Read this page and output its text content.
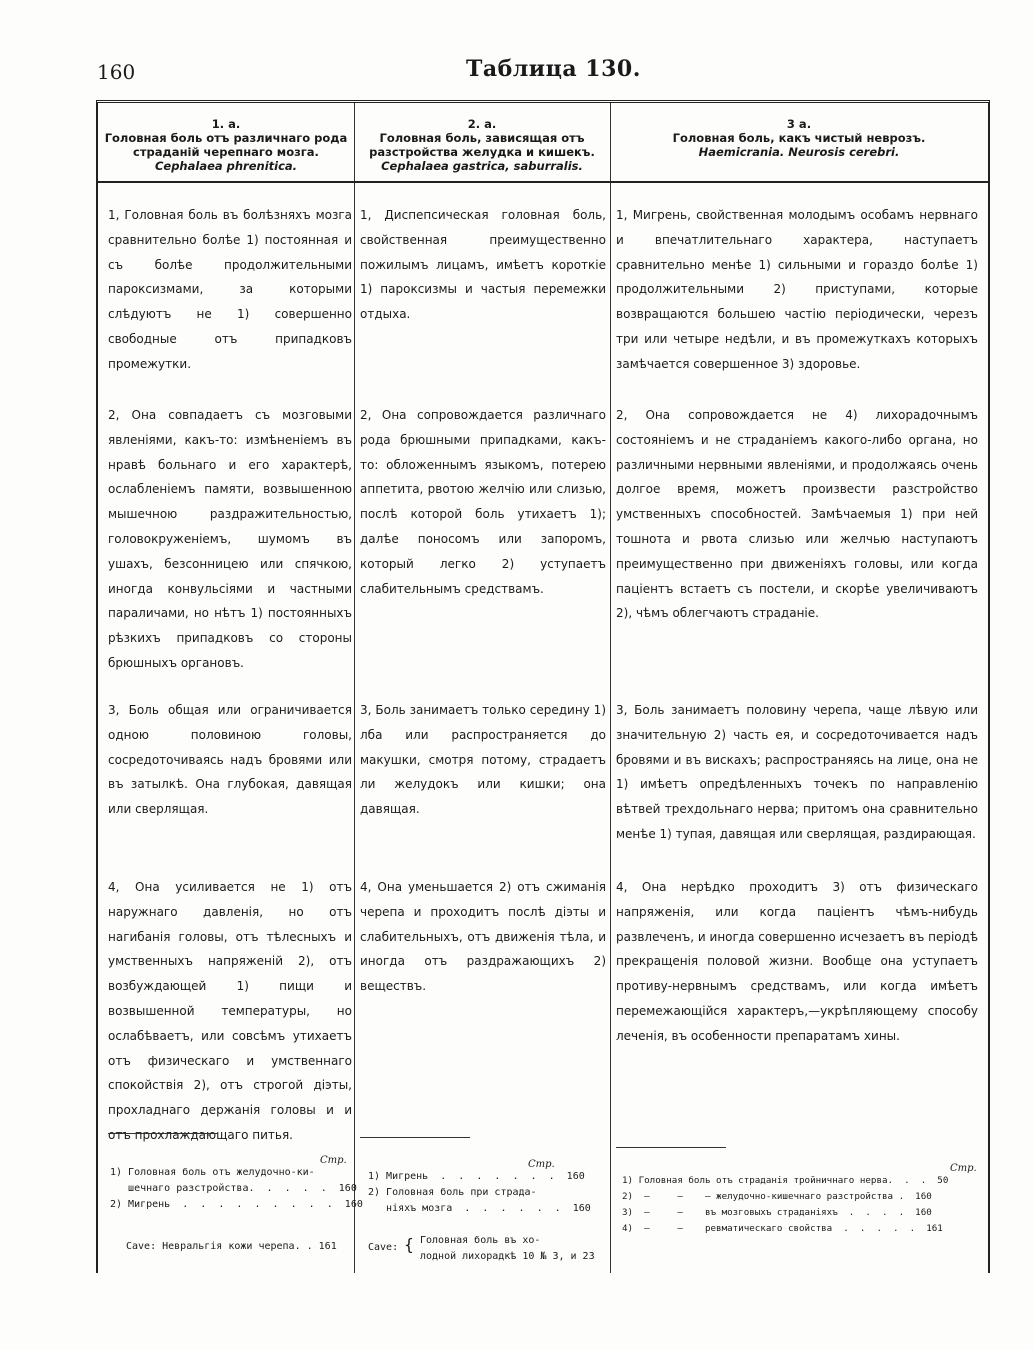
160	Таблица 130.
1. а.
Головная боль отъ различнаго рода страданій черепнаго мозга.
Cephalaea phrenitica.
1, Головная боль въ болѣзняхъ мозга сравнительно болѣе 1) постоянная и съ болѣе продолжительными пароксизмами, за которыми слѣдуютъ не 1) совершенно свободные отъ припадковъ промежутки.
2, Она совпадаетъ съ мозговыми явленіями, какъ-то: измѣненіемъ въ нравѣ больнаго и его характерѣ, ослабленіемъ памяти, возвышенною мышечною раздражительностью, головокруженіемъ, шумомъ въ ушахъ, безсонницею или спячкою, иногда конвульсіями и частными параличами, но нѣтъ 1) постоянныхъ рѣзкихъ припадковъ со стороны брюшныхъ органовъ.
3, Боль общая или ограничивается одною половиною головы, сосредоточиваясь надъ бровями или въ затылкѣ. Она глубокая, давящая или сверлящая.
4, Она усиливается не 1) отъ наружнаго давленія, но отъ нагибанія головы, отъ тѣлесныхъ и умственныхъ напряженій 2), отъ возбуждающей 1) пищи и возвышенной температуры, но ослабѣваетъ, или совсѣмъ утихаетъ отъ физическаго и умственнаго спокойствія 2), отъ строгой діэты, прохладнаго держанія головы и и отъ прохлаждающаго питья.
Стр.
1) Головная боль отъ желудочно-ки-
шечнаго разстройства.  .  .  .  .  160
2) Мигрень  .  .  .  .  .  .  .  .  .  160
Cave: Невральгія кожи черепа. . 161
2. а.
Головная боль, зависящая отъ разстройства желудка и кишекъ.
Cephalaea gastrica, saburralis.
1, Диспепсическая головная боль, свойственная преимущественно пожилымъ лицамъ, имѣетъ короткіе 1) пароксизмы и частыя перемежки отдыха.
2, Она сопровождается различнаго рода брюшными припадками, какъ-то: обложеннымъ языкомъ, потерею аппетита, рвотою желчію или слизью, послѣ которой боль утихаетъ 1); далѣе поносомъ или запоромъ, который легко 2) уступаетъ слабительнымъ средствамъ.
3, Боль занимаетъ только середину 1) лба или распространяется до макушки, смотря потому, страдаетъ ли желудокъ или кишки; она давящая.
4, Она уменьшается 2) отъ сжиманія черепа и проходитъ послѣ діэты и слабительныхъ, отъ движенія тѣла, и иногда отъ раздражающихъ 2) веществъ.
Стр.
1) Мигрень  .  .  .  .  .  .  .  160
2) Головная боль при страда-
ніяхъ мозга  .  .  .  .  .  .  160
Cave: { Головная боль въ хо-
лодной лихорадкѣ 10 № 3, и 23
3 а.
Головная боль, какъ чистый неврозъ.
Haemicrania. Neurosis cerebri.
1, Мигрень, свойственная молодымъ особамъ нервнаго и впечатлительнаго характера, наступаетъ сравнительно менѣе 1) сильными и гораздо болѣе 1) продолжительными 2) приступами, которые возвращаются большею частію періодически, черезъ три или четыре недѣли, и въ промежуткахъ которыхъ замѣчается совершенное 3) здоровье.
2, Она сопровождается не 4) лихорадочнымъ состояніемъ и не страданіемъ какого-либо органа, но различными нервными явленіями, и продолжаясь очень долгое время, можетъ произвести разстройство умственныхъ способностей. Замѣчаемыя 1) при ней тошнота и рвота слизью или желчью наступаютъ преимущественно при движеніяхъ головы, или когда паціентъ встаетъ съ постели, и скорѣе увеличиваютъ 2), чѣмъ облегчаютъ страданіе.
3, Боль занимаетъ половину черепа, чаще лѣвую или значительную 2) часть ея, и сосредоточивается надъ бровями и въ вискахъ; распространяясь на лице, она не 1) имѣетъ опредѣленныхъ точекъ по направленію вѣтвей трехдольнаго нерва; притомъ она сравнительно менѣе 1) тупая, давящая или сверлящая, раздирающая.
4, Она нерѣдко проходитъ 3) отъ физическаго напряженія, или когда паціентъ чѣмъ-нибудь развлеченъ, и иногда совершенно исчезаетъ въ періодѣ прекращенія половой жизни. Вообще она уступаетъ противу-нервнымъ средствамъ, или когда имѣетъ перемежающійся характеръ,—укрѣпляющему способу леченія, въ особенности препаратамъ хины.
Стр.
1) Головная боль отъ страданія тройничнаго нерва.  .  .  50
2)  —     —    — желудочно-кишечнаго разстройства .  160
3)  —     —    въ мозговыхъ страданіяхъ  .  .  .  .  160
4)  —     —    ревматическаго свойства  .  .  .  .  .  161
